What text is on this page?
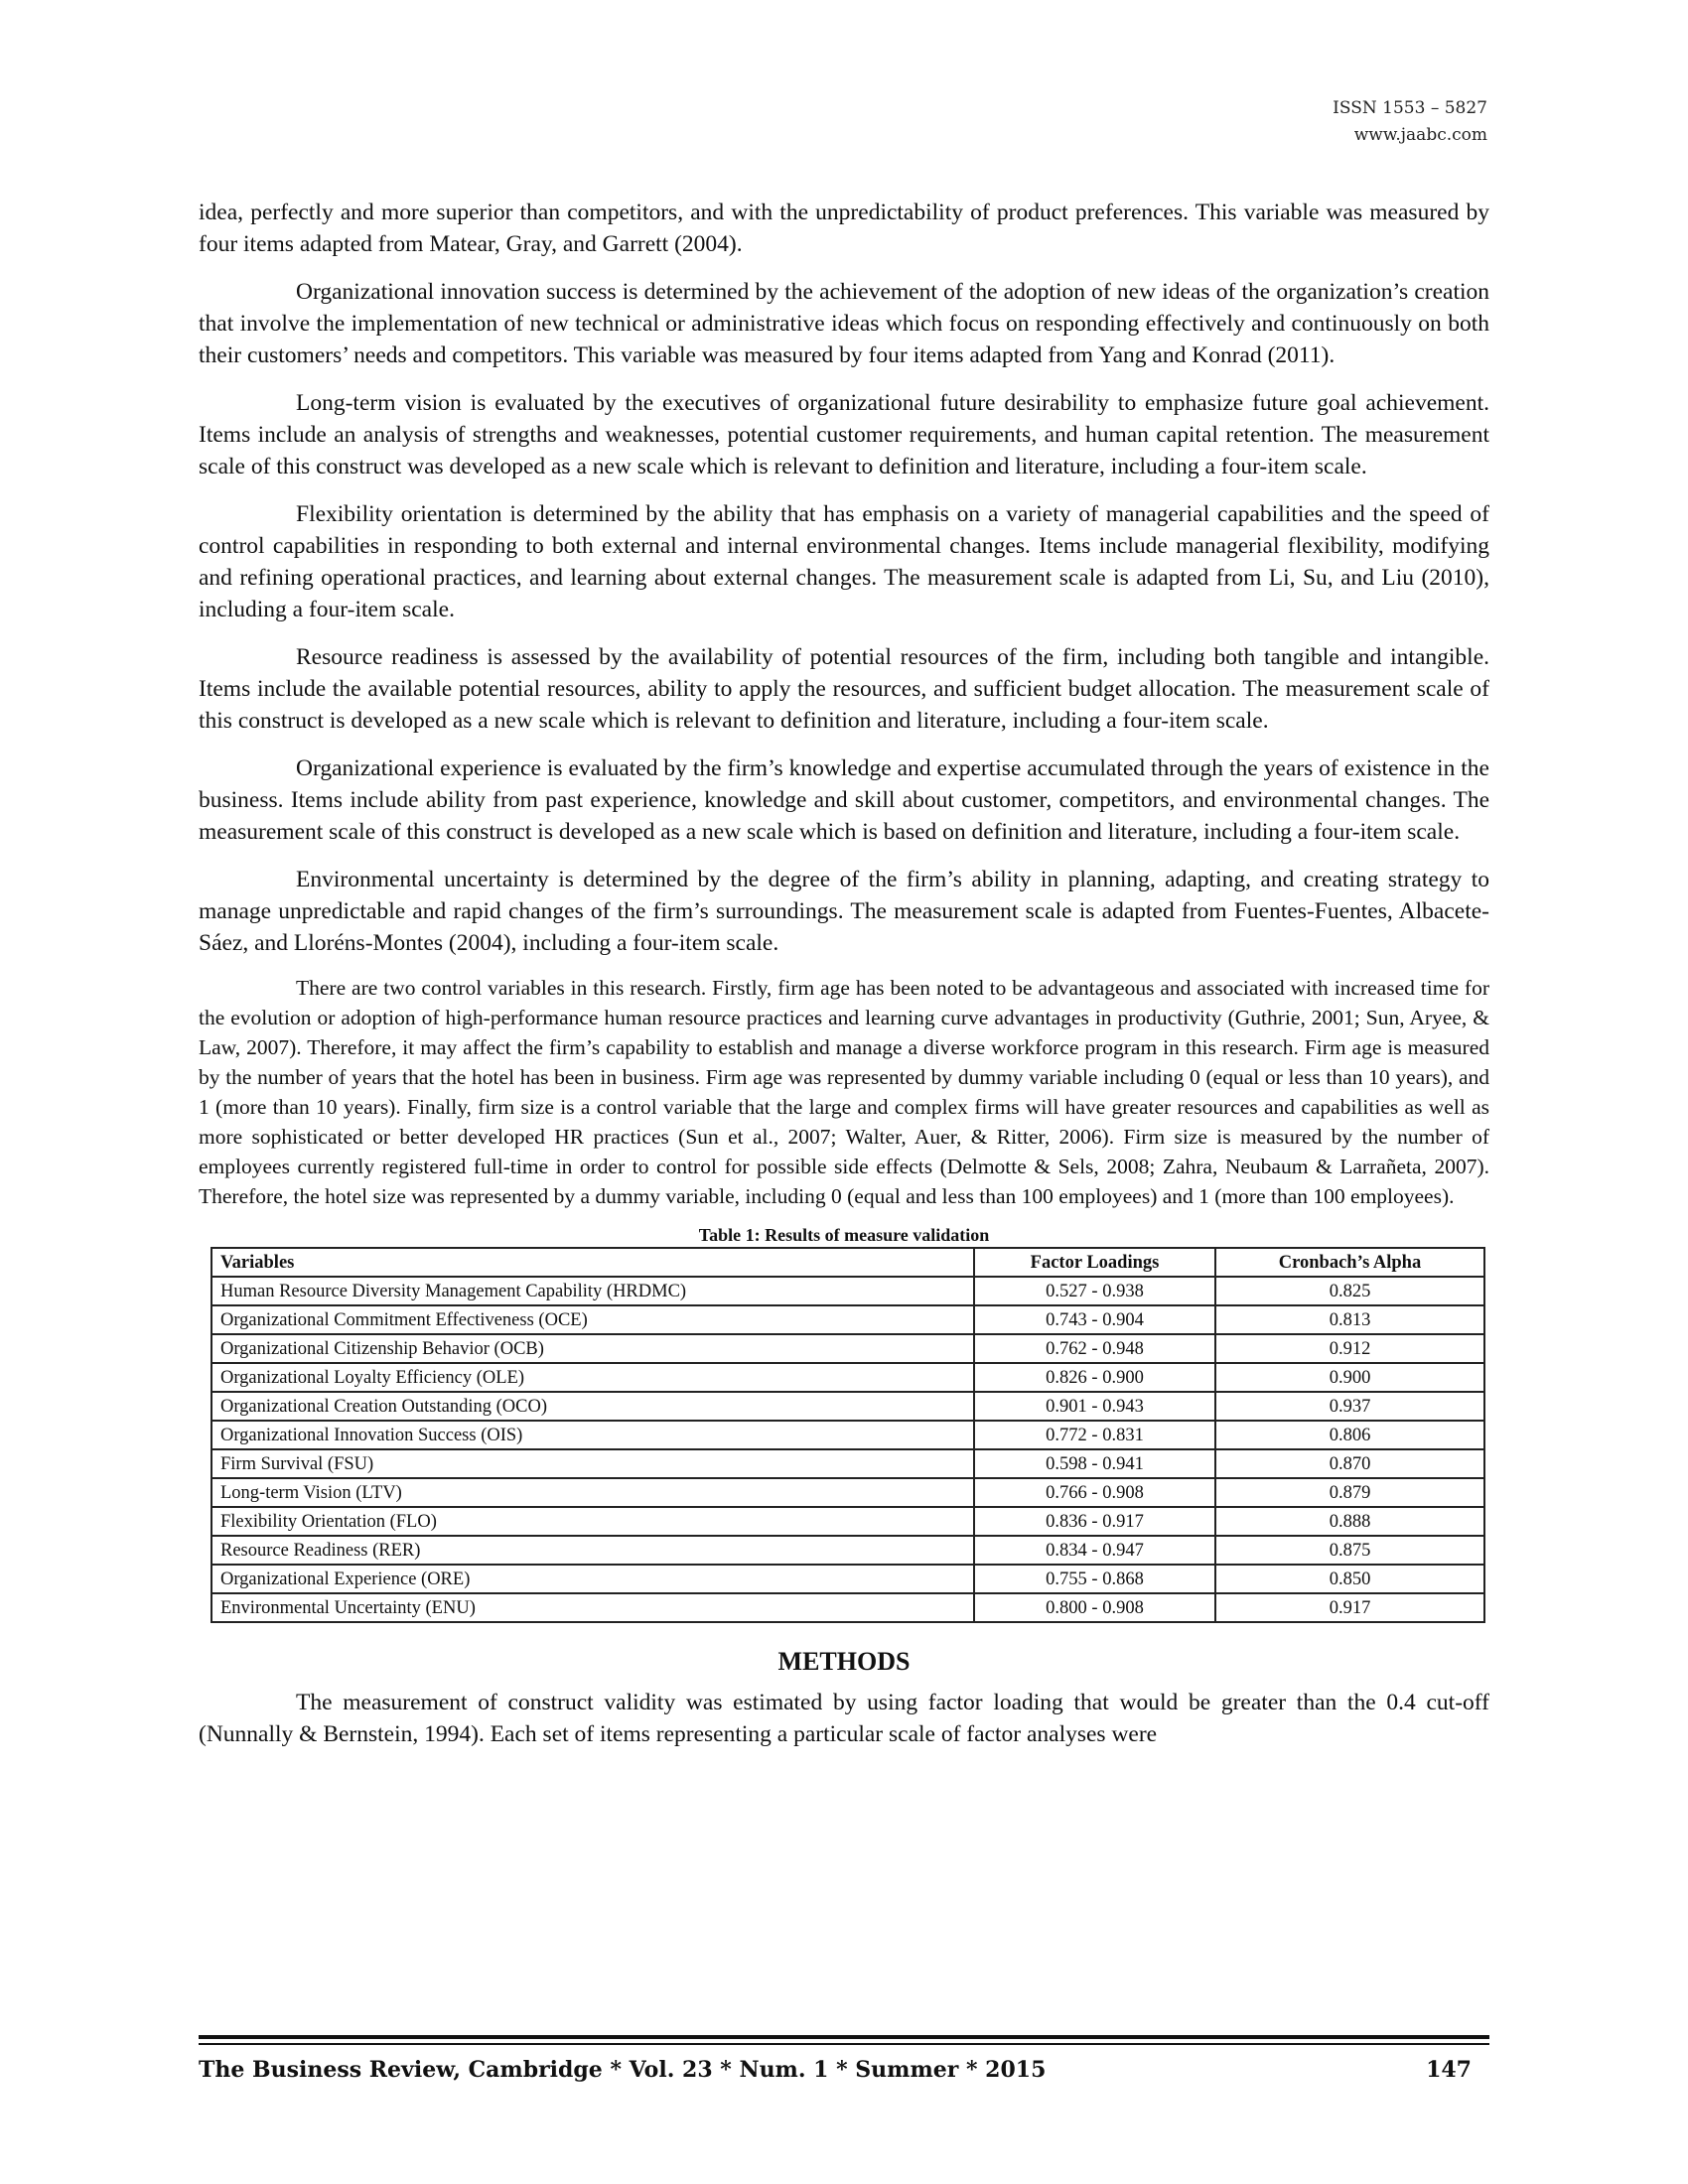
ISSN 1553 – 5827
www.jaabc.com

idea, perfectly and more superior than competitors, and with the unpredictability of product preferences. This variable was measured by four items adapted from Matear, Gray, and Garrett (2004).

Organizational innovation success is determined by the achievement of the adoption of new ideas of the organization’s creation that involve the implementation of new technical or administrative ideas which focus on responding effectively and continuously on both their customers’ needs and competitors. This variable was measured by four items adapted from Yang and Konrad (2011).

Long-term vision is evaluated by the executives of organizational future desirability to emphasize future goal achievement. Items include an analysis of strengths and weaknesses, potential customer requirements, and human capital retention. The measurement scale of this construct was developed as a new scale which is relevant to definition and literature, including a four-item scale.

Flexibility orientation is determined by the ability that has emphasis on a variety of managerial capabilities and the speed of control capabilities in responding to both external and internal environmental changes. Items include managerial flexibility, modifying and refining operational practices, and learning about external changes. The measurement scale is adapted from Li, Su, and Liu (2010), including a four-item scale.

Resource readiness is assessed by the availability of potential resources of the firm, including both tangible and intangible. Items include the available potential resources, ability to apply the resources, and sufficient budget allocation. The measurement scale of this construct is developed as a new scale which is relevant to definition and literature, including a four-item scale.

Organizational experience is evaluated by the firm’s knowledge and expertise accumulated through the years of existence in the business. Items include ability from past experience, knowledge and skill about customer, competitors, and environmental changes. The measurement scale of this construct is developed as a new scale which is based on definition and literature, including a four-item scale.

Environmental uncertainty is determined by the degree of the firm’s ability in planning, adapting, and creating strategy to manage unpredictable and rapid changes of the firm’s surroundings. The measurement scale is adapted from Fuentes-Fuentes, Albacete-Sáez, and Lloréns-Montes (2004), including a four-item scale.

There are two control variables in this research. Firstly, firm age has been noted to be advantageous and associated with increased time for the evolution or adoption of high-performance human resource practices and learning curve advantages in productivity (Guthrie, 2001; Sun, Aryee, & Law, 2007). Therefore, it may affect the firm’s capability to establish and manage a diverse workforce program in this research. Firm age is measured by the number of years that the hotel has been in business. Firm age was represented by dummy variable including 0 (equal or less than 10 years), and 1 (more than 10 years). Finally, firm size is a control variable that the large and complex firms will have greater resources and capabilities as well as more sophisticated or better developed HR practices (Sun et al., 2007; Walter, Auer, & Ritter, 2006). Firm size is measured by the number of employees currently registered full-time in order to control for possible side effects (Delmotte & Sels, 2008; Zahra, Neubaum & Larrañeta, 2007). Therefore, the hotel size was represented by a dummy variable, including 0 (equal and less than 100 employees) and 1 (more than 100 employees).

Table 1: Results of measure validation
Variables	Factor Loadings	Cronbach’s Alpha
Human Resource Diversity Management Capability (HRDMC)	0.527 - 0.938	0.825
Organizational Commitment Effectiveness (OCE)	0.743 - 0.904	0.813
Organizational Citizenship Behavior (OCB)	0.762 - 0.948	0.912
Organizational Loyalty Efficiency (OLE)	0.826 - 0.900	0.900
Organizational Creation Outstanding (OCO)	0.901 - 0.943	0.937
Organizational Innovation Success (OIS)	0.772 - 0.831	0.806
Firm Survival (FSU)	0.598 - 0.941	0.870
Long-term Vision (LTV)	0.766 - 0.908	0.879
Flexibility Orientation (FLO)	0.836 - 0.917	0.888
Resource Readiness (RER)	0.834 - 0.947	0.875
Organizational Experience (ORE)	0.755 - 0.868	0.850
Environmental Uncertainty (ENU)	0.800 - 0.908	0.917
METHODS

The measurement of construct validity was estimated by using factor loading that would be greater than the 0.4 cut-off (Nunnally & Bernstein, 1994). Each set of items representing a particular scale of factor analyses were

The Business Review, Cambridge * Vol. 23 * Num. 1 * Summer * 2015	147
